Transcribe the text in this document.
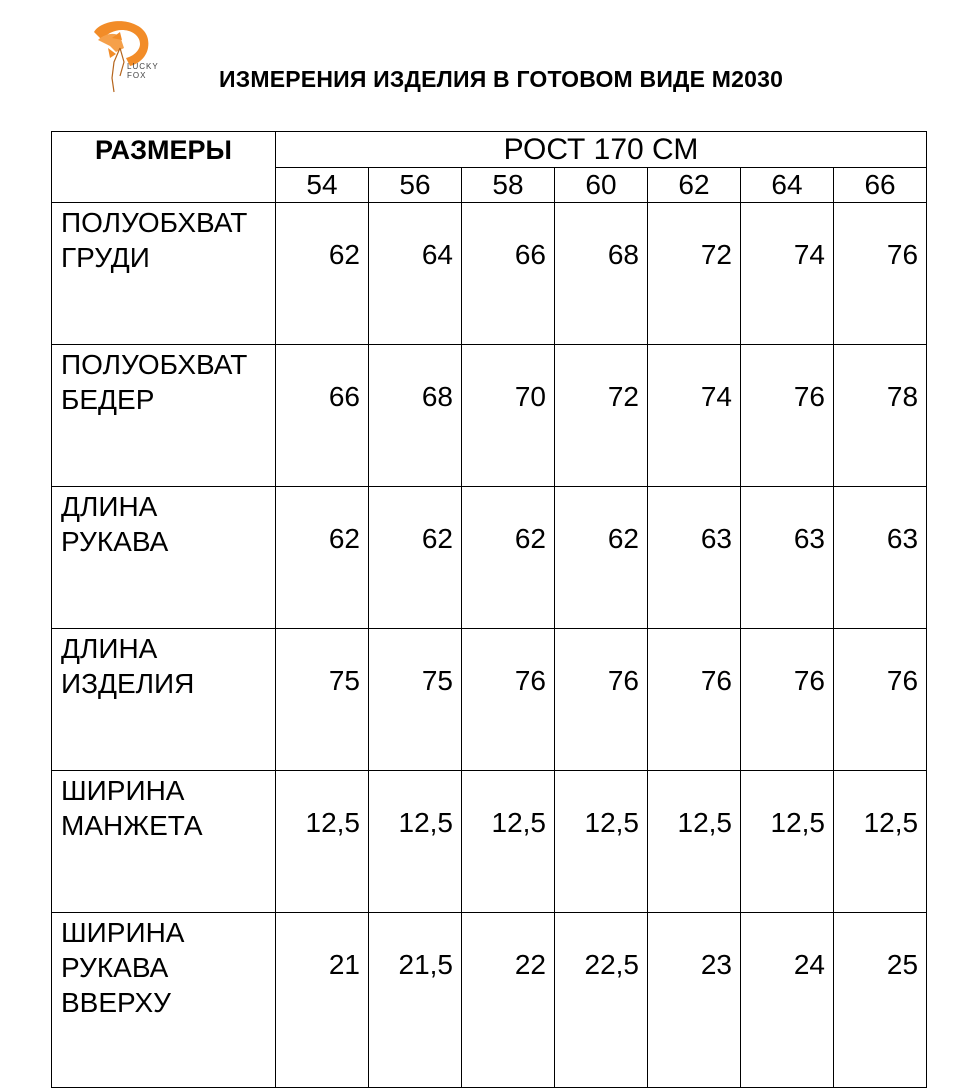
LUCKY
FOX	ИЗМЕРЕНИЯ ИЗДЕЛИЯ В ГОТОВОМ ВИДЕ М2030
РАЗМЕРЫ	РОСТ 170 СМ						
	54	56	58	60	62	64	66
ПОЛУОБХВАТ
ГРУДИ	62	64	66	68	72	74	76
ПОЛУОБХВАТ
БЕДЕР	66	68	70	72	74	76	78
ДЛИНА
РУКАВА	62	62	62	62	63	63	63
ДЛИНА
ИЗДЕЛИЯ	75	75	76	76	76	76	76
ШИРИНА
МАНЖЕТА	12,5	12,5	12,5	12,5	12,5	12,5	12,5
ШИРИНА
РУКАВА
ВВЕРХУ	21	21,5	22	22,5	23	24	25
